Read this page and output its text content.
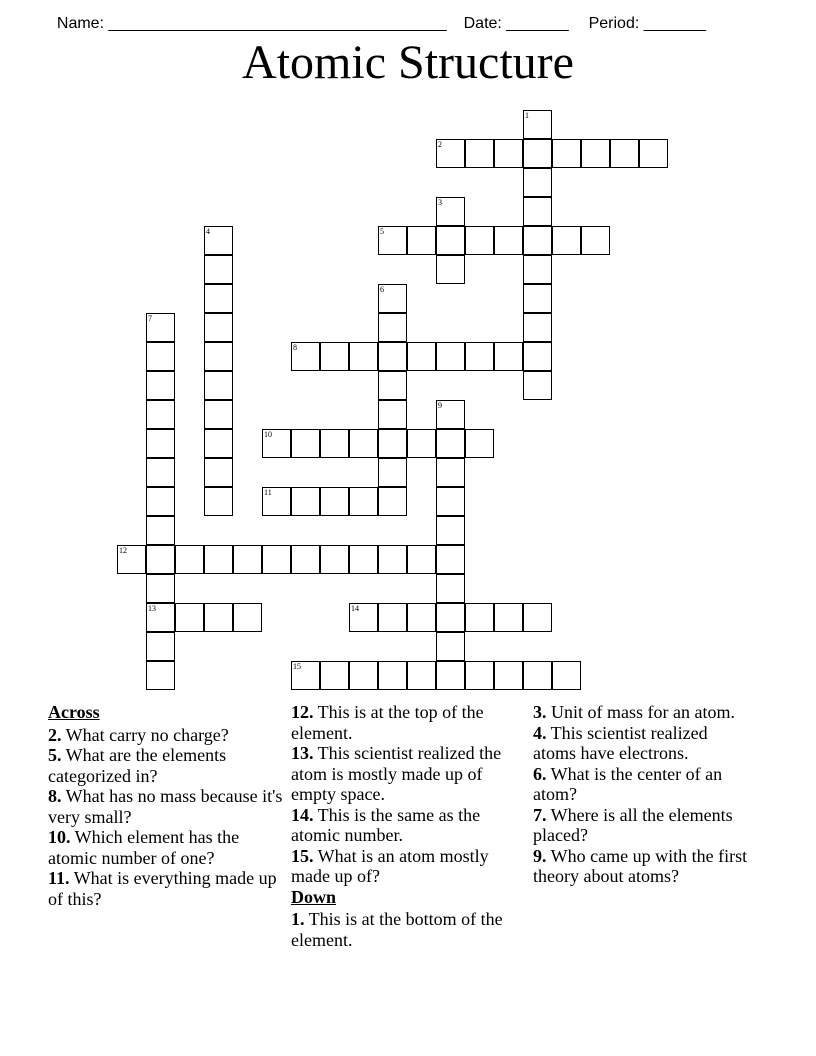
Name: ______________________________________ Date: _______ Period: _______

Atomic Structure
1
2
3
4	5
6
7
13
8
9
10
11
12
14
15
Across

2. What carry no charge?

5. What are the elements categorized in?

8. What has no mass because it's very small?

10. Which element has the atomic number of one?

11. What is everything made up of this?

12. This is at the top of the element.

13. This scientist realized the atom is mostly made up of empty space.

14. This is the same as the atomic number.

15. What is an atom mostly made up of?

Down

1. This is at the bottom of the element.

3. Unit of mass for an atom.

4. This scientist realized atoms have electrons.

6. What is the center of an atom?

7. Where is all the elements placed?

9. Who came up with the first theory about atoms?
